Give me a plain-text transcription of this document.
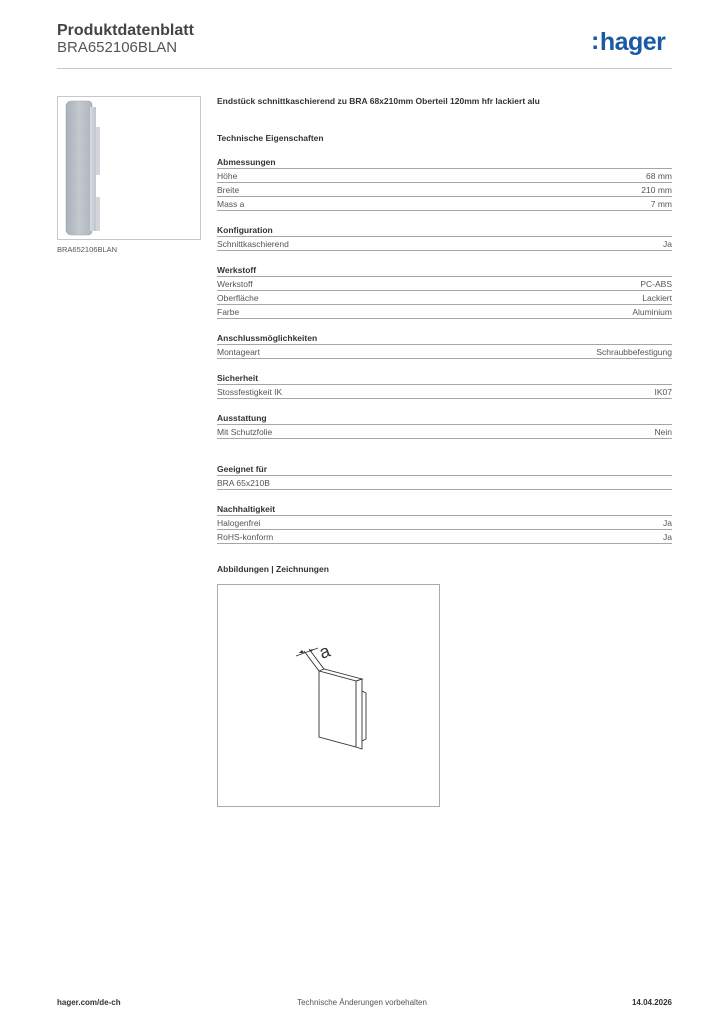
Produktdatenblatt
BRA652106BLAN	:hager
BRA652106BLAN
Endstück schnittkaschierend zu BRA 68x210mm Oberteil 120mm hfr lackiert alu
Technische Eigenschaften
Abmessungen
Höhe	68 mm
Breite	210 mm
Mass a	7 mm
Konfiguration
Schnittkaschierend	Ja
Werkstoff
Werkstoff	PC-ABS
Oberfläche	Lackiert
Farbe	Aluminium
Anschlussmöglichkeiten
Montageart	Schraubbefestigung
Sicherheit
Stossfestigkeit IK	IK07
Ausstattung
Mit Schutzfolie	Nein
Geeignet für
BRA 65x210B
Nachhaltigkeit
Halogenfrei	Ja
RoHS-konform	Ja
Abbildungen | Zeichnungen
a
hager.com/de-ch	Technische Änderungen vorbehalten	14.04.2026
